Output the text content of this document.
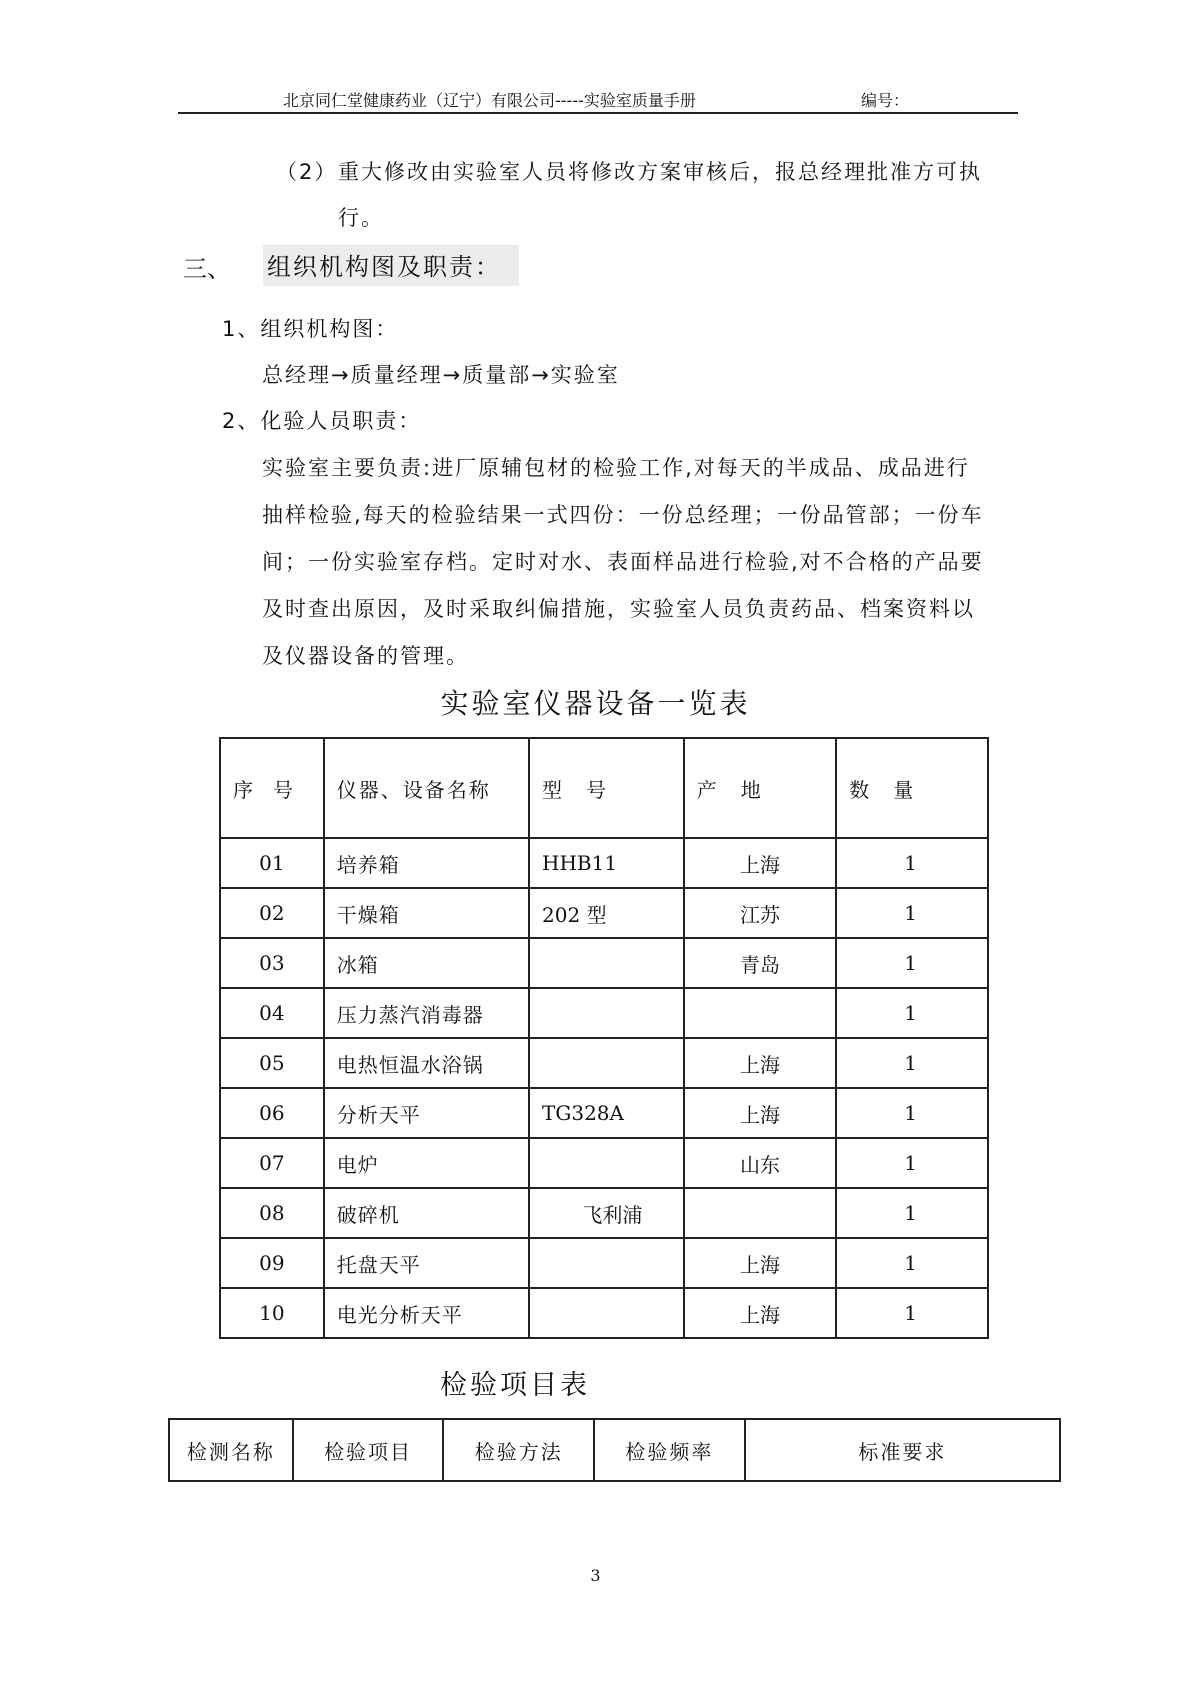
北京同仁堂健康药业（辽宁）有限公司-----实验室质量手册	编号：
（2） 重大修改由实验室人员将修改方案审核后，报总经理批准方可执
行。
三、 组织机构图及职责：
1、组织机构图：
总经理→质量经理→质量部→实验室
2、化验人员职责：
实验室主要负责:进厂原辅包材的检验工作,对每天的半成品、成品进行
抽样检验,每天的检验结果一式四份：一份总经理；一份品管部；一份车
间；一份实验室存档。定时对水、表面样品进行检验,对不合格的产品要
及时查出原因，及时采取纠偏措施，实验室人员负责药品、档案资料以
及仪器设备的管理。
实验室仪器设备一览表
序号	仪器、设备名称	型　号	产　地	数　量
01	培养箱	HHB11	上海	1
02	干燥箱	202 型	江苏	1
03	冰箱		青岛	1
04	压力蒸汽消毒器			1
05	电热恒温水浴锅		上海	1
06	分析天平	TG328A	上海	1
07	电炉		山东	1
08	破碎机	飞利浦		1
09	托盘天平		上海	1
10	电光分析天平		上海	1
检验项目表
检测名称	检验项目	检验方法	检验频率	标准要求
3
